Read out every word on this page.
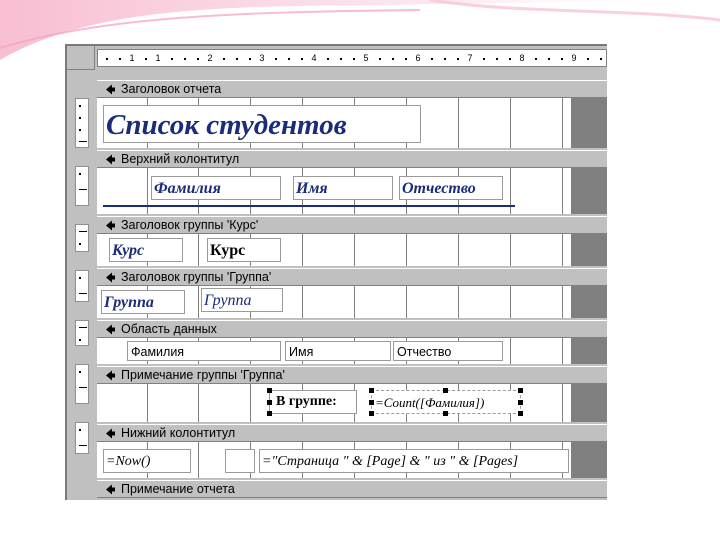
1 1	2	3	4	5	6	7	8	9
Заголовок отчета
Список студентов
Верхний колонтитул
Фамилия	Имя	Отчество
Заголовок группы 'Курс'
Курс	Курс
Заголовок группы 'Группа'
Группа	Группа
Область данных
Фамилия	Имя	Отчество
Примечание группы 'Группа'
В группе:	=Count([Фамилия])
Нижний колонтитул
=Now()	="Страница " & [Page] & " из " & [Pages]
Примечание отчета
